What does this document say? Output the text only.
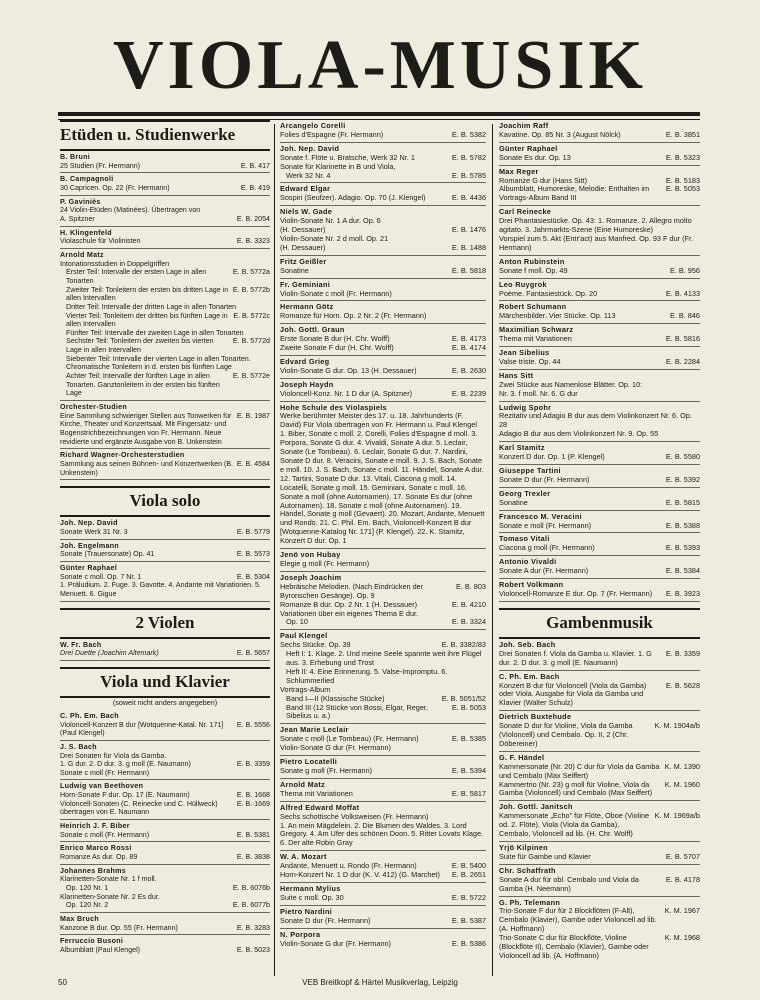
VIOLA-MUSIK
Etüden u. Studienwerke
B. Bruni
25 Studien (Fr. Hermann)	E. B. 417
B. Campagnoli
30 Capricen. Op. 22 (Fr. Hermann)	E. B. 419
P. Gaviniès
24 Violin-Etüden (Matinées). Übertragen von
A. Spitzner	E. B. 2054
H. Klingenfeld
Violaschule für Violinisten	E. B. 3323
Arnold Matz
Intonationsstudien in Doppelgriffen
Erster Teil: Intervalle der ersten Lage in allen Tonarten
E. B. 5772a
Zweiter Teil: Tonleitern der ersten bis dritten Lage in allen Intervallen
E. B. 5772b
Dritter Teil: Intervalle der dritten Lage in allen Tonarten
Vierter Teil: Tonleitern der dritten bis fünften Lage in allen Intervallen
E. B. 5772c
Fünfter Teil: Intervalle der zweiten Lage in allen Tonarten
Sechster Teil: Tonleitern der zweiten bis vierten Lage in allen Intervallen
E. B. 5772d
Siebenter Teil: Intervalle der vierten Lage in allen Tonarten. Chromatische Tonleitern in d. ersten bis fünften Lage
Achter Teil: Intervalle der fünften Lage in allen Tonarten. Ganztonleitern in der ersten bis fünften Lage
E. B. 5772e
Orchester-Studien
Eine Sammlung schwieriger Stellen aus Tonwerken für Kirche, Theater und Konzertsaal. Mit Fingersatz- und Bogenstrichbezeichnungen von Fr. Hermann. Neue revidierte und ergänzte Ausgabe von B. Unkenstein
E. B. 1987
Richard Wagner-Orchesterstudien
Sammlung aus seinen Bühnen- und Konzertwerken (B. Unkenstein)
E. B. 4584
Viola solo
Joh. Nep. David
Sonate Werk 31 Nr. 3	E. B. 5779
Joh. Engelmann
Sonate (Trauersonate) Op. 41	E. B. 5573
Günter Raphael
Sonate c moll. Op. 7 Nr. 1	E. B. 5304
1. Präludium. 2. Fuge. 3. Gavotte. 4. Andante mit Variationen. 5. Menuett. 6. Gigue
2 Violen
W. Fr. Bach
Drei Duette (Joachim Altemark)	E. B. 5657
Viola und Klavier
(soweit nicht anders angegeben)
C. Ph. Em. Bach
Violoncell-Konzert B dur [Wotquenne-Katal. Nr. 171] (Paul Klengel)
E. B. 5556
J. S. Bach
Drei Sonaten für Viola da Gamba.
1. G dur. 2. D dur. 3. g moll (E. Naumann)	E. B. 3359
Sonate c moll (Fr. Hermann)
Ludwig van Beethoven
Horn-Sonate F dur. Op. 17 (E. Naumann)	E. B. 1668
Violoncell-Sonaten (C. Reinecke und C. Hüllweck) übertragen von E. Naumann
E. B. 1669
Heinrich J. F. Biber
Sonate c moll (Fr. Hermann)	E. B. 5381
Enrico Marco Rossi
Romanze As dur. Op. 89	E. B. 3838
Johannes Brahms
Klarinetten-Sonate Nr. 1 f moll.
Op. 120 Nr. 1	E. B. 6076b
Klarinetten-Sonate Nr. 2 Es dur.
Op. 120 Nr. 2	E. B. 6077b
Max Bruch
Kanzone B dur. Op. 55 (Fr. Hermann)	E. B. 3283
Ferruccio Busoni
Albumblatt (Paul Klengel)	E. B. 5023
Arcangelo Corelli
Folies d'Espagne (Fr. Hermann)	E. B. 5382
Joh. Nep. David
Sonate f. Flöte u. Bratsche, Werk 32 Nr. 1	E. B. 5782
Sonate für Klarinette in B und Viola,
Werk 32 Nr. 4	E. B. 5785
Edward Elgar
Sospiri (Seufzer). Adagio. Op. 70 (J. Klengel)	E. B. 4436
Niels W. Gade
Violin-Sonate Nr. 1 A dur. Op. 6
(H. Dessauer)	E. B. 1476
Violin-Sonate Nr. 2 d moll. Op. 21
(H. Dessauer)	E. B. 1488
Fritz Geißler
Sonatine	E. B. 5818
Fr. Geminiani
Violin-Sonate c moll (Fr. Hermann)
Hermann Götz
Romanze für Horn. Op. 2 Nr. 2 (Fr. Hermann)
Joh. Gottl. Graun
Erste Sonate B dur (H. Chr. Wolff)	E. B. 4173
Zweite Sonate F dur (H. Chr. Wolff)	E. B. 4174
Edvard Grieg
Violin-Sonate G dur. Op. 13 (H. Dessauer)	E. B. 2630
Joseph Haydn
Violoncell-Konz. Nr. 1 D dur (A. Spitzner)	E. B. 2239
Hohe Schule des Violaspiels
Werke berühmter Meister des 17. u. 18. Jahrhunderts (F. David) Für Viola übertragen von Fr. Hermann u. Paul Klengel
1. Biber, Sonate c moll. 2. Corelli, Folies d'Espagne d moll. 3. Porpora, Sonate G dur. 4. Vivaldi, Sonate A dur. 5. Leclair, Sonate (Le Tombeau). 6. Leclair, Sonate G dur. 7. Nardini, Sonate D dur. 8. Veracini, Sonate e moll. 9. J. S. Bach, Sonate e moll. 10. J. S. Bach, Sonate c moll. 11. Händel, Sonate A dur. 12. Tartini, Sonate D dur. 13. Vitali, Ciacona g moll. 14. Locatelli, Sonate g moll. 15. Geminiani, Sonate c moll. 16. Sonate a moll (ohne Autornamen). 17. Sonate Es dur (ohne Autornamen). 18. Sonate c moll (ohne Autornamen). 19. Händel, Sonate g moll (Gevaert). 20. Mozart, Andante, Menuett und Rondo. 21. C. Phil. Em. Bach, Violoncell-Konzert B dur [Wotquenne-Katalog Nr. 171] (P. Klengel). 22. K. Stamitz, Konzert D dur. Op. 1
Jenö von Hubay
Elegie g moll (Fr. Hermann)
Joseph Joachim
Hebräische Melodien. (Nach Eindrücken der Byronschen Gesänge). Op. 9
E. B. 803
Romanze B dur. Op. 2 Nr. 1 (H. Dessauer)	E. B. 4210
Variationen über ein eigenes Thema E dur.
Op. 10	E. B. 3324
Paul Klengel
Sechs Stücke. Op. 39	E. B. 3382/83
Heft I: 1. Klage. 2. Und meine Seele spannte weit ihre Flügel aus. 3. Erhebung und Trost
Heft II: 4. Eine Erinnerung. 5. Valse-Impromptu. 6. Schlummerlied
Vortrags-Album
Band I—II (Klassische Stücke)	E. B. 5051/52
Band III (12 Stücke von Bossi, Elgar, Reger, Sibelius u. a.)
E. B. 5053
Jean Marie Leclair
Sonate c moll (Le Tombeau) (Fr. Hermann)	E. B. 5385
Violin-Sonate G dur (Fr. Hermann)
Pietro Locatelli
Sonate g moll (Fr. Hermann)	E. B. 5394
Arnold Matz
Thema mit Variationen	E. B. 5817
Alfred Edward Moffat
Sechs schottische Volksweisen (Fr. Hermann)
1. An mein Mägdelein. 2. Die Blumen des Waldes. 3. Lord Gregory. 4. Am Ufer des schönen Doon. 5. Ritter Lovats Klage. 6. Der alte Robin Gray
W. A. Mozart
Andante, Menuett u. Rondo (Fr. Hermann)	E. B. 5400
Horn-Konzert Nr. 1 D dur (K. V. 412) (G. Marchet)	E. B. 2651
Hermann Mylius
Suite c moll. Op. 30	E. B. 5722
Pietro Nardini
Sonate D dur (Fr. Hermann)	E. B. 5387
N. Porpora
Violin-Sonate G dur (Fr. Hermann)	E. B. 5386
Joachim Raff
Kavatine. Op. 85 Nr. 3 (August Nölck)	E. B. 3851
Günter Raphael
Sonate Es dur. Op. 13	E. B. 5323
Max Reger
Romanze G dur (Hans Sitt)	E. B. 5183
Albumblatt, Humoreske, Melodie: Enthalten im Vortrags-Album Band III
E. B. 5053
Carl Reinecke
Drei Phantasiestücke. Op. 43: 1. Romanze. 2. Allegro molto agitato. 3. Jahrmarkts-Szene (Eine Humoreske)
Vorspiel zum 5. Akt (Entr'act) aus Manfred. Op. 93 F dur (Fr. Hermann)
Anton Rubinstein
Sonate f moll. Op. 49	E. B. 956
Leo Ruygrok
Poème. Fantasiestück. Op. 20	E. B. 4133
Robert Schumann
Märchenbilder. Vier Stücke. Op. 113	E. B. 846
Maximilian Schwarz
Thema mit Variationen	E. B. 5816
Jean Sibelius
Valse triste. Op. 44	E. B. 2284
Hans Sitt
Zwei Stücke aus Namenlose Blätter. Op. 10:
Nr. 3. f moll. Nr. 6. G dur
Ludwig Spohr
Rezitativ und Adagio B dur aus dem Violinkonzert Nr. 6. Op. 28
Adagio B dur aus dem Violinkonzert Nr. 9. Op. 55
Karl Stamitz
Konzert D dur. Op. 1 (P. Klengel)	E. B. 5580
Giuseppe Tartini
Sonate D dur (Fr. Hermann)	E. B. 5392
Georg Trexler
Sonatine	E. B. 5815
Francesco M. Veracini
Sonate e moll (Fr. Hermann)	E. B. 5388
Tomaso Vitali
Ciacona g moll (Fr. Hermann)	E. B. 5393
Antonio Vivaldi
Sonate A dur (Fr. Hermann)	E. B. 5384
Robert Volkmann
Violoncell-Romanze E dur. Op. 7 (Fr. Hermann)	E. B. 3923
Gambenmusik
Joh. Seb. Bach
Drei Sonaten f. Viola da Gamba u. Klavier. 1. G dur. 2. D dur. 3. g moll (E. Naumann)
E. B. 3359
C. Ph. Em. Bach
Konzert B dur für Violoncell (Viola da Gamba) oder Viola. Ausgabe für Viola da Gamba und Klavier (Walter Schulz)
E. B. 5628
Dietrich Buxtehude
Sonate D dur für Violine, Viola da Gamba (Violoncell) und Cembalo. Op. II, 2 (Chr. Döbereiner)
K. M. 1904a/b
G. F. Händel
Kammersonate (Nr. 20) C dur für Viola da Gamba und Cembalo (Max Seiffert)
K. M. 1390
Kammertrio (Nr. 23) g moll für Violine, Viola da Gamba (Violoncell) und Cembalo (Max Seiffert)
K. M. 1960
Joh. Gottl. Janitsch
Kammersonate „Echo" für Flöte, Oboe (Violine od. 2. Flöte), Viola (Viola da Gamba), Cembalo, Violoncell ad lib. (H. Chr. Wolff)
K. M. 1969a/b
Yrjö Kilpinen
Suite für Gambe und Klavier	E. B. 5707
Chr. Schaffrath
Sonate A dur für obl. Cembalo und Viola da Gamba (H. Neemann)
E. B. 4178
G. Ph. Telemann
Trio-Sonate F dur für 2 Blockflöten (F-Alt), Cembalo (Klavier), Gambe oder Violoncell ad lib. (A. Hoffmann)
K. M. 1967
Trio-Sonate C dur für Blockflöte, Violine (Blockflöte II), Cembalo (Klavier), Gambe oder Violoncell ad lib. (A. Hoffmann)
K. M. 1968
50	VEB Breitkopf & Härtel Musikverlag, Leipzig
